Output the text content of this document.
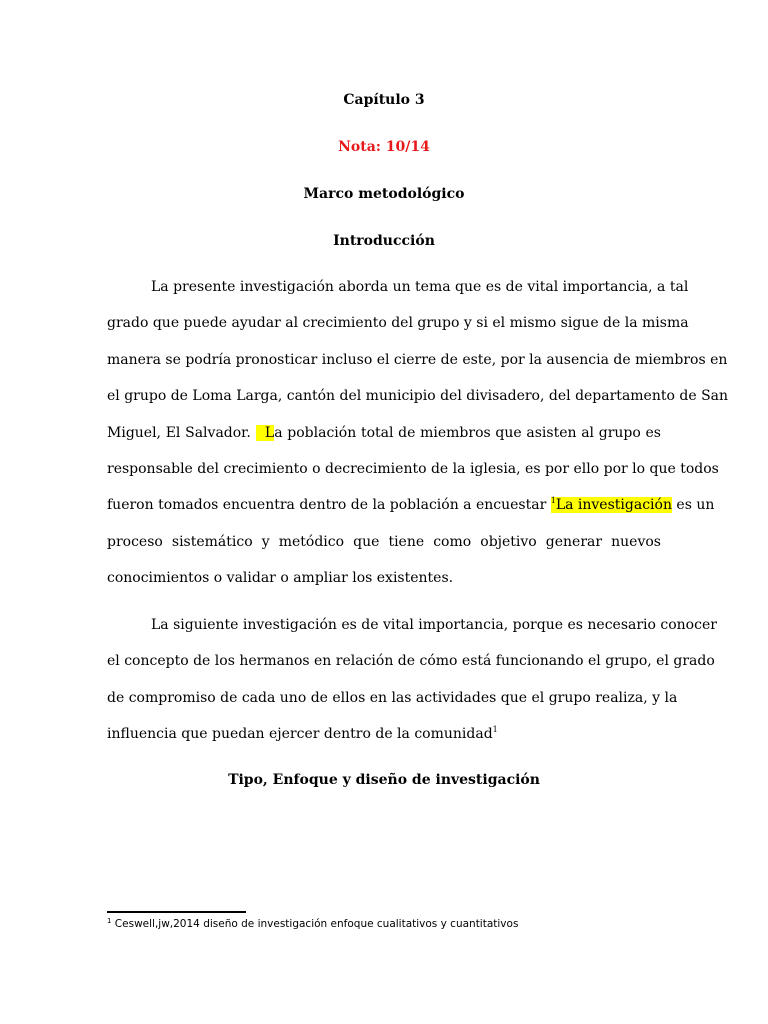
Capítulo 3
Nota: 10/14
Marco metodológico
Introducción
La presente investigación aborda un tema que es de vital importancia, a tal
grado que puede ayudar al crecimiento del grupo y si el mismo sigue de la misma
manera se podría pronosticar incluso el cierre de este, por la ausencia de miembros en
el grupo de Loma Larga, cantón del municipio del divisadero, del departamento de San
Miguel, El Salvador.   La población total de miembros que asisten al grupo es
responsable del crecimiento o decrecimiento de la iglesia, es por ello por lo que todos
fueron tomados encuentra dentro de la población a encuestar $^1$La investigación es un
proceso sistemático y metódico que tiene como objetivo generar nuevos
conocimientos o validar o ampliar los existentes.
La siguiente investigación es de vital importancia, porque es necesario conocer
el concepto de los hermanos en relación de cómo está funcionando el grupo, el grado
de compromiso de cada uno de ellos en las actividades que el grupo realiza, y la
influencia que puedan ejercer dentro de la comunidad$^1$
Tipo, Enfoque y diseño de investigación
$^1$ Ceswell,jw,2014 diseño de investigación enfoque cualitativos y cuantitativos
